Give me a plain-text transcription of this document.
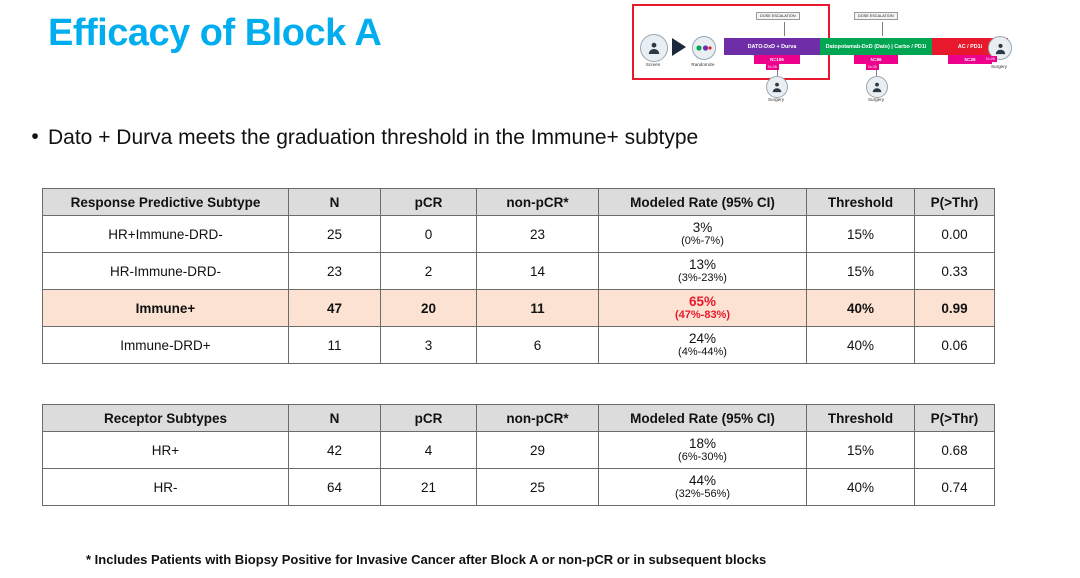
Efficacy of Block A
Screen	Randomize
DOSE ESCALATION
DATO-DxD + Durva
N=106
N=35
Surgery
Datopotamab-DxD (Dato) | Carbo / PD1i
N=66
DOSE ESCALATION
N=35
Surgery
AC / PD1i
N=26	N=26
Surgery
• Dato + Durva meets the graduation threshold in the Immune+ subtype
Response Predictive Subtype	N	pCR	non-pCR*	Modeled Rate (95% CI)	Threshold	P(>Thr)
HR+Immune-DRD-	25	0	23	3%
(0%-7%)	15%	0.00
HR-Immune-DRD-	23	2	14	13%
(3%-23%)	15%	0.33
Immune+	47	20	11	65%
(47%-83%)	40%	0.99
Immune-DRD+	11	3	6	24%
(4%-44%)	40%	0.06
Receptor Subtypes	N	pCR	non-pCR*	Modeled Rate (95% CI)	Threshold	P(>Thr)
HR+	42	4	29	18%
(6%-30%)	15%	0.68
HR-	64	21	25	44%
(32%-56%)	40%	0.74
* Includes Patients with Biopsy Positive for Invasive Cancer after Block A or non-pCR or in subsequent blocks
